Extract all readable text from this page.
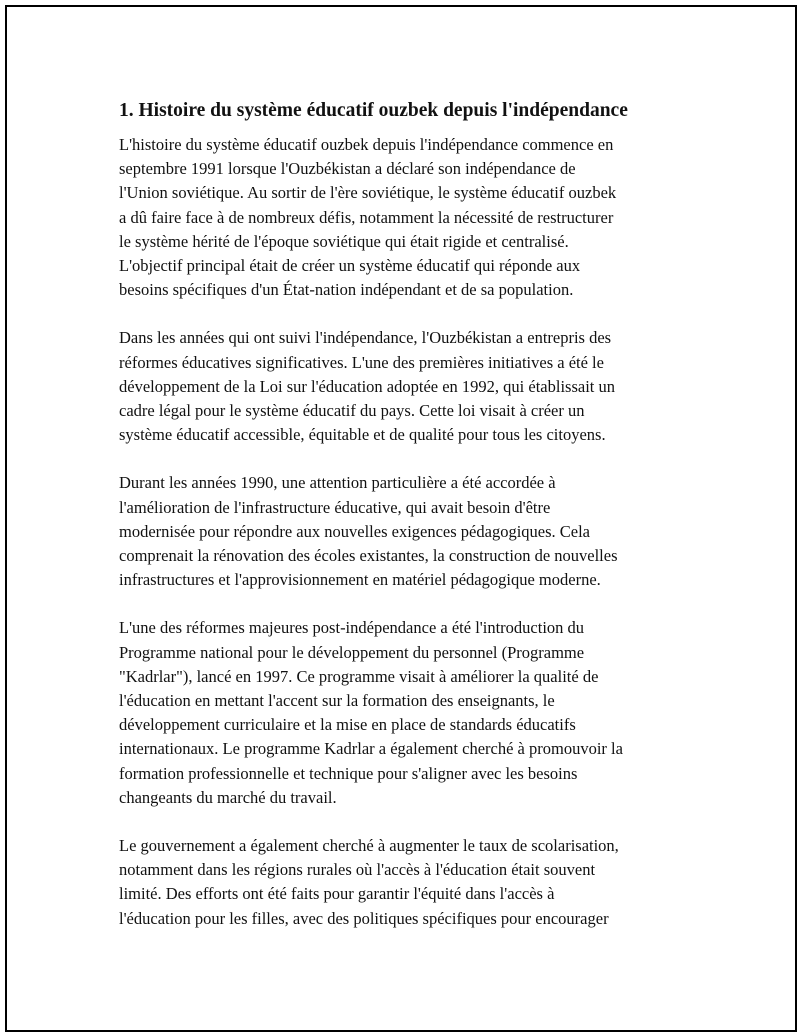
1. Histoire du système éducatif ouzbek depuis l'indépendance

L'histoire du système éducatif ouzbek depuis l'indépendance commence en
septembre 1991 lorsque l'Ouzbékistan a déclaré son indépendance de
l'Union soviétique. Au sortir de l'ère soviétique, le système éducatif ouzbek
a dû faire face à de nombreux défis, notamment la nécessité de restructurer
le système hérité de l'époque soviétique qui était rigide et centralisé.
L'objectif principal était de créer un système éducatif qui réponde aux
besoins spécifiques d'un État-nation indépendant et de sa population.

Dans les années qui ont suivi l'indépendance, l'Ouzbékistan a entrepris des
réformes éducatives significatives. L'une des premières initiatives a été le
développement de la Loi sur l'éducation adoptée en 1992, qui établissait un
cadre légal pour le système éducatif du pays. Cette loi visait à créer un
système éducatif accessible, équitable et de qualité pour tous les citoyens.

Durant les années 1990, une attention particulière a été accordée à
l'amélioration de l'infrastructure éducative, qui avait besoin d'être
modernisée pour répondre aux nouvelles exigences pédagogiques. Cela
comprenait la rénovation des écoles existantes, la construction de nouvelles
infrastructures et l'approvisionnement en matériel pédagogique moderne.

L'une des réformes majeures post-indépendance a été l'introduction du
Programme national pour le développement du personnel (Programme
"Kadrlar"), lancé en 1997. Ce programme visait à améliorer la qualité de
l'éducation en mettant l'accent sur la formation des enseignants, le
développement curriculaire et la mise en place de standards éducatifs
internationaux. Le programme Kadrlar a également cherché à promouvoir la
formation professionnelle et technique pour s'aligner avec les besoins
changeants du marché du travail.

Le gouvernement a également cherché à augmenter le taux de scolarisation,
notamment dans les régions rurales où l'accès à l'éducation était souvent
limité. Des efforts ont été faits pour garantir l'équité dans l'accès à
l'éducation pour les filles, avec des politiques spécifiques pour encourager
